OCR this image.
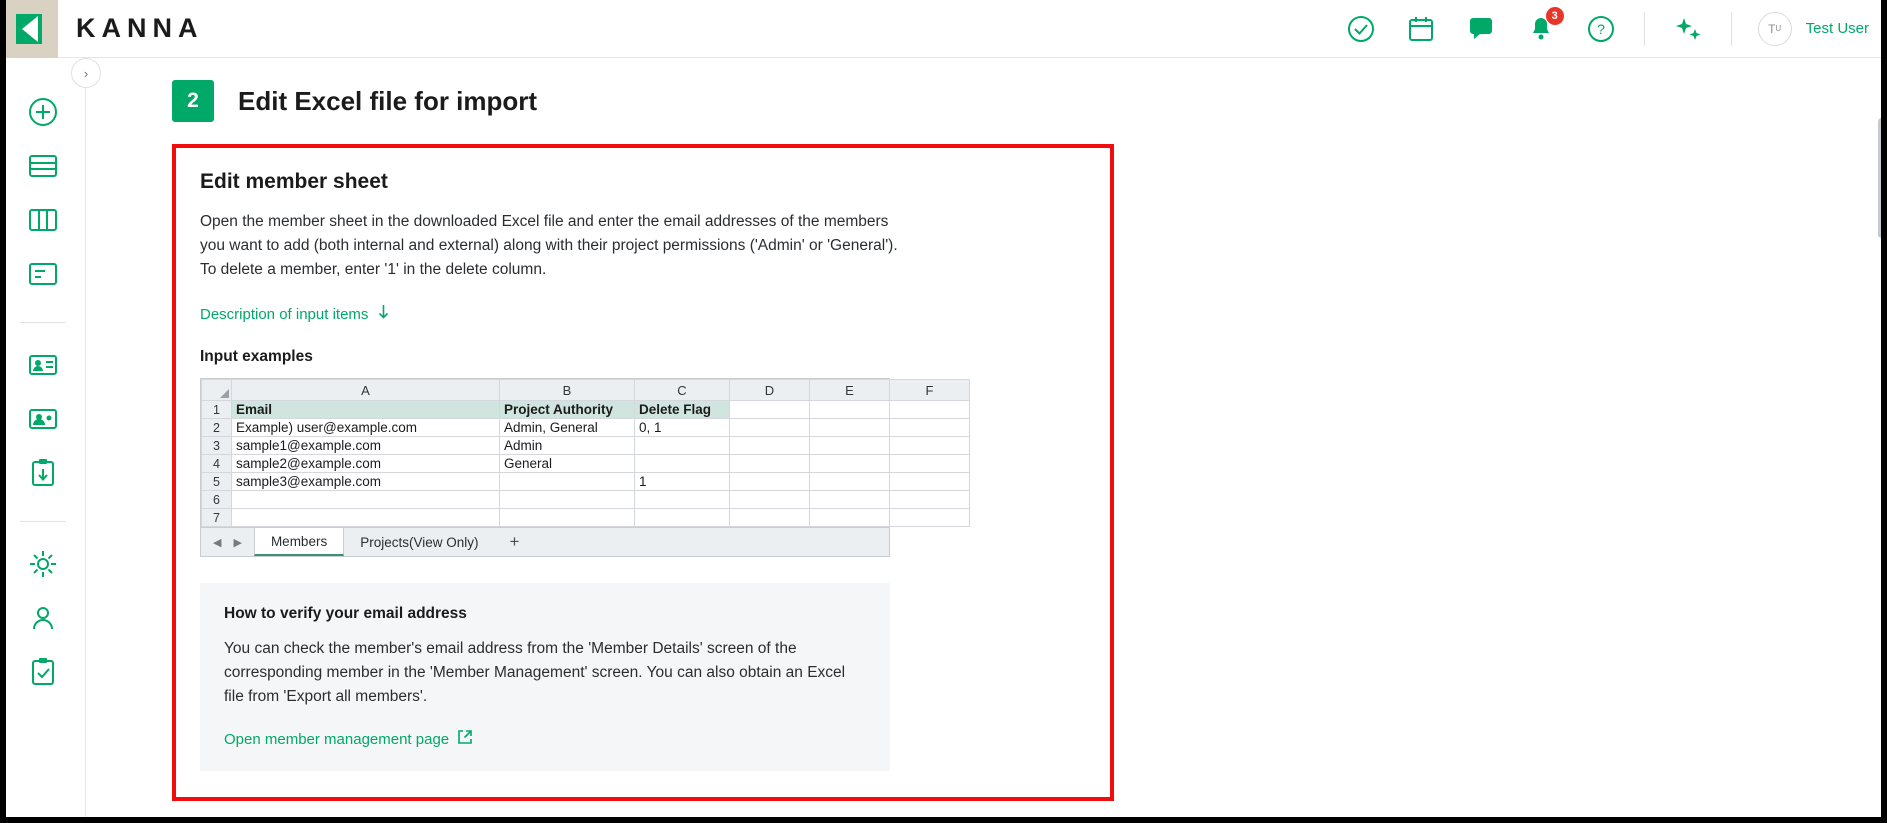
KANNA	3
?	T U Test User
›
2	Edit Excel file for import
Edit member sheet

Open the member sheet in the downloaded Excel file and enter the email addresses of the members you want to add (both internal and external) along with their project permissions ('Admin' or 'General'). To delete a member, enter '1' in the delete column.

Description of input items
Input examples
	A	B	C	D	E	F
1	Email	Project Authority	Delete Flag			
2	Example) user@example.com	Admin, General	0, 1			
3	sample1@example.com	Admin				
4	sample2@example.com	General				
5	sample3@example.com		1			
6						
7						
◀ ▶ Members Projects(View Only)	+
How to verify your email address

You can check the member's email address from the 'Member Details' screen of the corresponding member in the 'Member Management' screen. You can also obtain an Excel file from 'Export all members'.

Open member management page
